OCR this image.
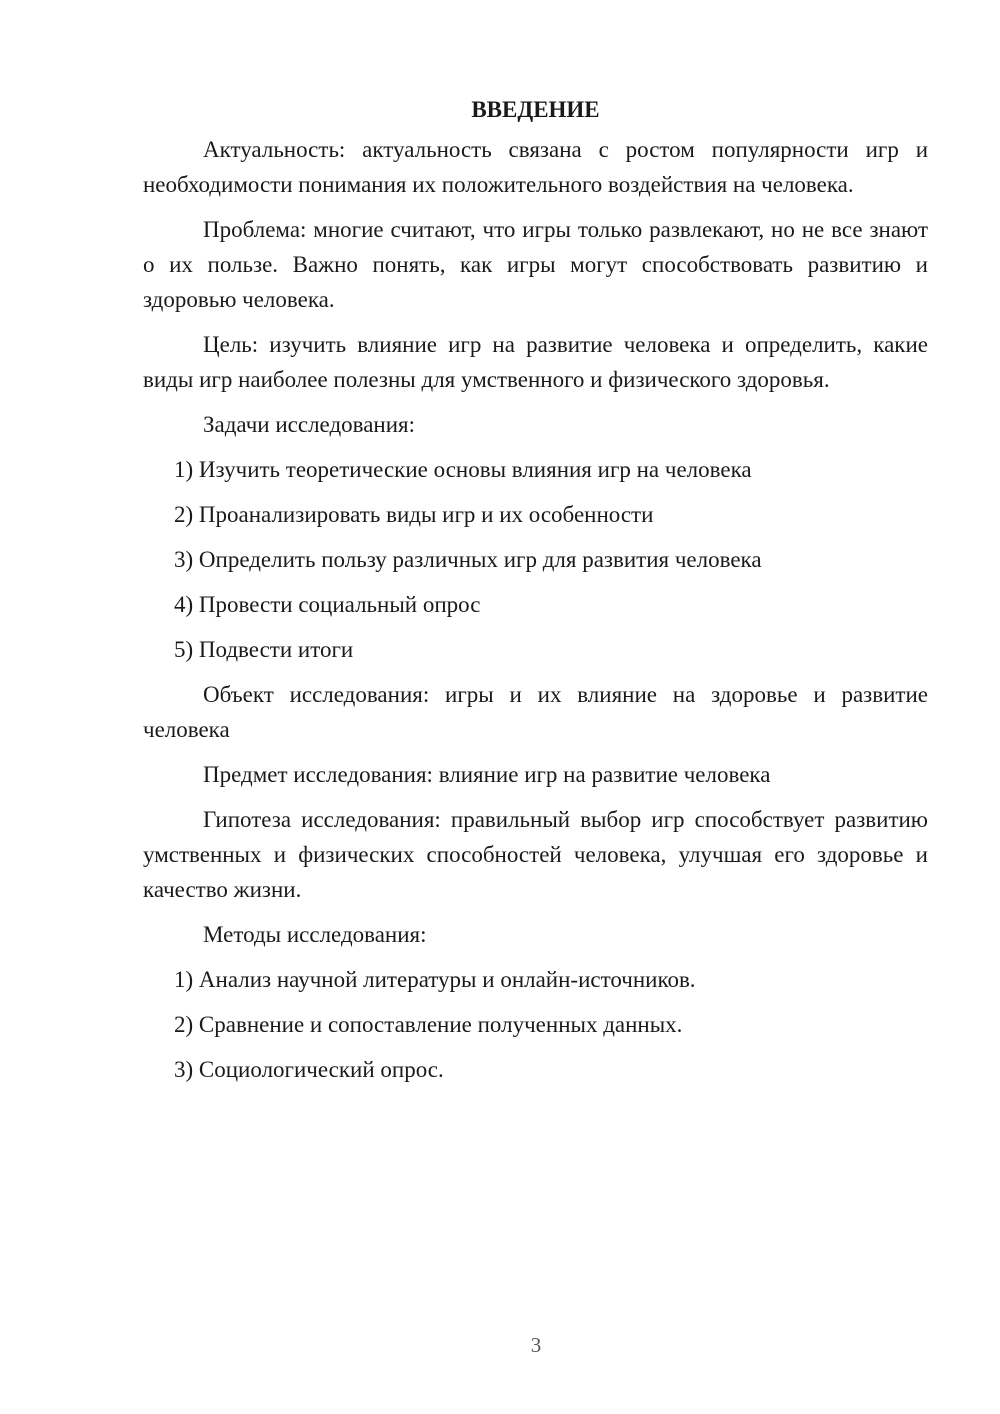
ВВЕДЕНИЕ

Актуальность: актуальность связана с ростом популярности игр и необходимости понимания их положительного воздействия на человека.

Проблема: многие считают, что игры только развлекают, но не все знают о их пользе. Важно понять, как игры могут способствовать развитию и здоровью человека.

Цель: изучить влияние игр на развитие человека и определить, какие виды игр наиболее полезны для умственного и физического здоровья.

Задачи исследования:

1) Изучить теоретические основы влияния игр на человека
2) Проанализировать виды игр и их особенности
3) Определить пользу различных игр для развития человека
4) Провести социальный опрос
5) Подвести итоги

Объект исследования: игры и их влияние на здоровье и развитие человека

Предмет исследования: влияние игр на развитие человека

Гипотеза исследования: правильный выбор игр способствует развитию умственных и физических способностей человека, улучшая его здоровье и качество жизни.

Методы исследования:

1) Анализ научной литературы и онлайн-источников.
2) Сравнение и сопоставление полученных данных.
3) Социологический опрос.
3
